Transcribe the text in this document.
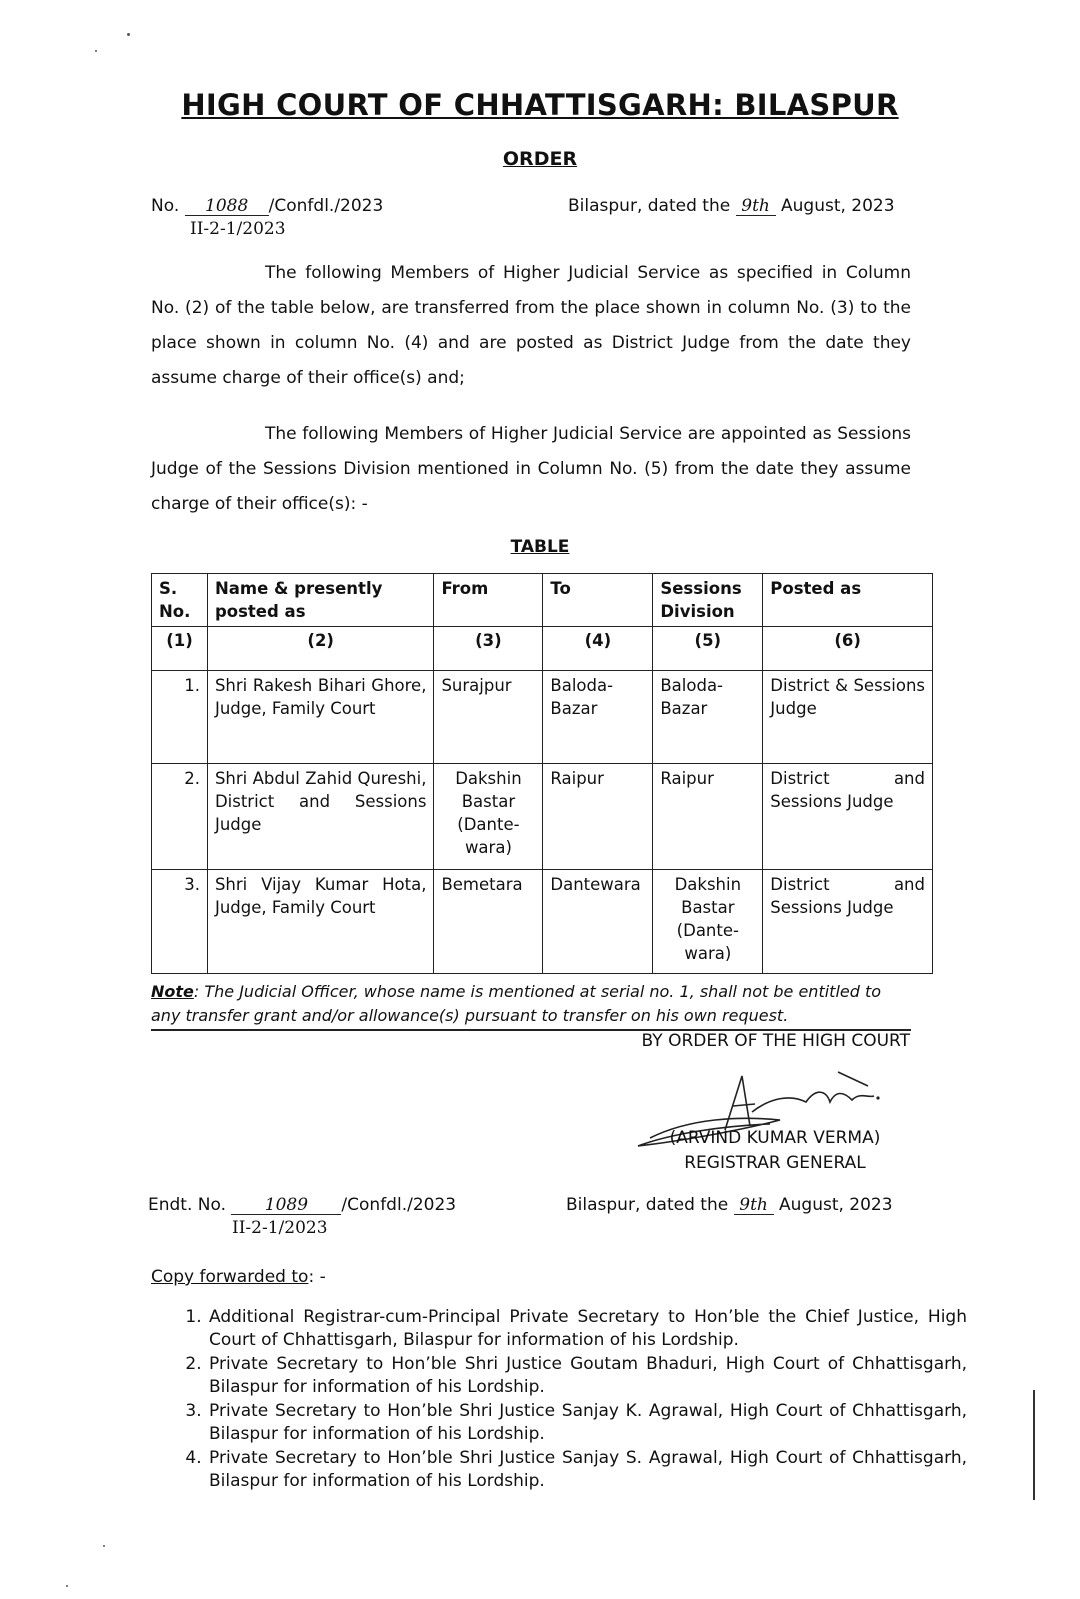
HIGH COURT OF CHHATTISGARH: BILASPUR
ORDER
No. 1088 /Confdl./2023
II-2-1/2023
Bilaspur, dated the 9th August, 2023
The following Members of Higher Judicial Service as specified in Column No. (2) of the table below, are transferred from the place shown in column No. (3) to the place shown in column No. (4) and are posted as District Judge from the date they assume charge of their office(s) and;
The following Members of Higher Judicial Service are appointed as Sessions Judge of the Sessions Division mentioned in Column No. (5) from the date they assume charge of their office(s): -
TABLE
S. No.	Name & presently posted as	From	To	Sessions Division	Posted as
(1)	(2)	(3)	(4)	(5)	(6)
1.	Shri Rakesh Bihari Ghore, Judge, Family Court	Surajpur	Baloda-Bazar	Baloda-Bazar	District & Sessions Judge
2.	Shri Abdul Zahid Qureshi, District and Sessions Judge	Dakshin Bastar (Dante-wara)	Raipur	Raipur	District and Sessions Judge
3.	Shri Vijay Kumar Hota, Judge, Family Court	Bemetara	Dantewara	Dakshin Bastar (Dante-wara)	District and Sessions Judge
Note: The Judicial Officer, whose name is mentioned at serial no. 1, shall not be entitled to any transfer grant and/or allowance(s) pursuant to transfer on his own request.
BY ORDER OF THE HIGH COURT
(ARVIND KUMAR VERMA)
REGISTRAR GENERAL
Endt. No. 1089 /Confdl./2023
II-2-1/2023
Bilaspur, dated the 9th August, 2023
Copy forwarded to: -
1. Additional Registrar-cum-Principal Private Secretary to Hon’ble the Chief Justice, High Court of Chhattisgarh, Bilaspur for information of his Lordship.
2. Private Secretary to Hon’ble Shri Justice Goutam Bhaduri, High Court of Chhattisgarh, Bilaspur for information of his Lordship.
3. Private Secretary to Hon’ble Shri Justice Sanjay K. Agrawal, High Court of Chhattisgarh, Bilaspur for information of his Lordship.
4. Private Secretary to Hon’ble Shri Justice Sanjay S. Agrawal, High Court of Chhattisgarh, Bilaspur for information of his Lordship.
